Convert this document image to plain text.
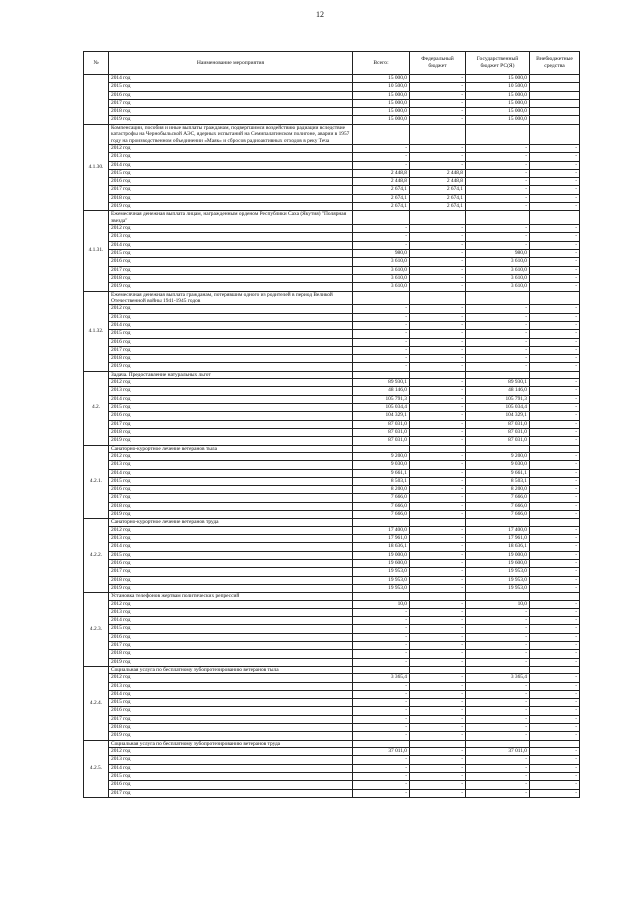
12
№	Наименование мероприятия	Всего:	Федеральный бюджет	Государственный бюджет РС(Я)	Внебюджетные средства
	2014 год	15 000,0	-	15 000,0	
	2015 год	10 500,0	-	10 500,0	
	2016 год	15 000,0	-	15 000,0	
	2017 год	15 000,0	-	15 000,0	
	2018 год	15 000,0	-	15 000,0	
	2019 год	15 000,0	-	15 000,0	
4.1.30.	Компенсации, пособия и иные выплаты гражданам, подвергшимся воздействию радиации вследствие катастрофы на Чернобыльской АЭС, ядерных испытаний на Семипалатинском полигоне, аварии в 1957 году на производственном объединении «Маяк» и сбросов радиоактивных отходов в реку Теча				
	2012 год	-	-	-	-
	2013 год	-	-	-	-
	2014 год	-	-	-	-
	2015 год	2 448,8	2 448,8	-	-
	2016 год	2 448,8	2 448,8	-	-
	2017 год	2 674,1	2 674,1	-	-
	2018 год	2 674,1	2 674,1	-	-
	2019 год	2 674,1	2 674,1	-	-
4.1.31.	Ежемесячная денежная выплата лицам, награжденным орденом Республики Саха (Якутия) "Полярная звезда"				
	2012 год	-	-	-	-
	2013 год	-	-	-	-
	2014 год	-	-	-	-
	2015 год	980,0	-	980,0	-
	2016 год	3 610,0	-	3 610,0	-
	2017 год	3 610,0	-	3 610,0	-
	2018 год	3 610,0	-	3 610,0	-
	2019 год	3 610,0	-	3 610,0	-
4.1.32.	Ежемесячная денежная выплата гражданам, потерявшим одного из родителей в период Великой Отечественной войны 1941-1945 годов				
	2012 год	-	-	-	-
	2013 год	-	-	-	-
	2014 год	-	-	-	-
	2015 год	-	-	-	-
	2016 год	-	-	-	-
	2017 год	-	-	-	-
	2018 год	-	-	-	-
	2019 год	-	-	-	-
4.2.	Задача. Предоставление натуральных льгот				
	2012 год	89 930,1	-	89 930,1	-
	2013 год	48 146,0	-	48 146,0	-
	2014 год	105 791,3	-	105 791,3	-
	2015 год	105 034,4	-	105 034,4	-
	2016 год	104 329,1	-	104 329,1	-
	2017 год	87 031,0	-	87 031,0	-
	2018 год	87 031,0	-	87 031,0	-
	2019 год	87 031,0	-	87 031,0	-
4.2.1.	Санаторно-курортное лечение ветеранов тыла				
	2012 год	9 200,0	-	9 200,0	-
	2013 год	9 030,0	-	9 030,0	-
	2014 год	9 661,1	-	9 661,1	-
	2015 год	8 503,1	-	8 503,1	-
	2016 год	8 200,0	-	8 200,0	-
	2017 год	7 666,0	-	7 666,0	-
	2018 год	7 666,0	-	7 666,0	-
	2019 год	7 666,0	-	7 666,0	-
4.2.2.	Санаторно-курортное лечение ветеранов труда				
	2012 год	17 400,0	-	17 400,0	-
	2013 год	17 961,0	-	17 961,0	-
	2014 год	18 636,1	-	18 636,1	-
	2015 год	19 000,0	-	19 000,0	-
	2016 год	19 600,0	-	19 600,0	-
	2017 год	19 953,0	-	19 953,0	-
	2018 год	19 953,0	-	19 953,0	-
	2019 год	19 953,0	-	19 953,0	-
4.2.3.	Установка телефонов жертвам политических репрессий				
	2012 год	10,0	-	10,0	-
	2013 год	-	-	-	-
	2014 год	-	-	-	-
	2015 год	-	-	-	-
	2016 год	-	-	-	-
	2017 год	-	-	-	-
	2018 год	-	-	-	-
	2019 год	-	-	-	-
4.2.4.	Социальная услуга по бесплатному зубопротезированию ветеранов тыла				
	2012 год	3 365,4	-	3 365,4	-
	2013 год	-	-	-	-
	2014 год	-	-	-	-
	2015 год	-	-	-	-
	2016 год	-	-	-	-
	2017 год	-	-	-	-
	2018 год	-	-	-	-
	2019 год	-	-	-	-
4.2.5.	Социальная услуга по бесплатному зубопротезированию ветеранов труда				
	2012 год	37 011,0	-	37 011,0	-
	2013 год	-	-	-	-
	2014 год	-	-	-	-
	2015 год	-	-	-	-
	2016 год	-	-	-	-
	2017 год	-	-	-	-
